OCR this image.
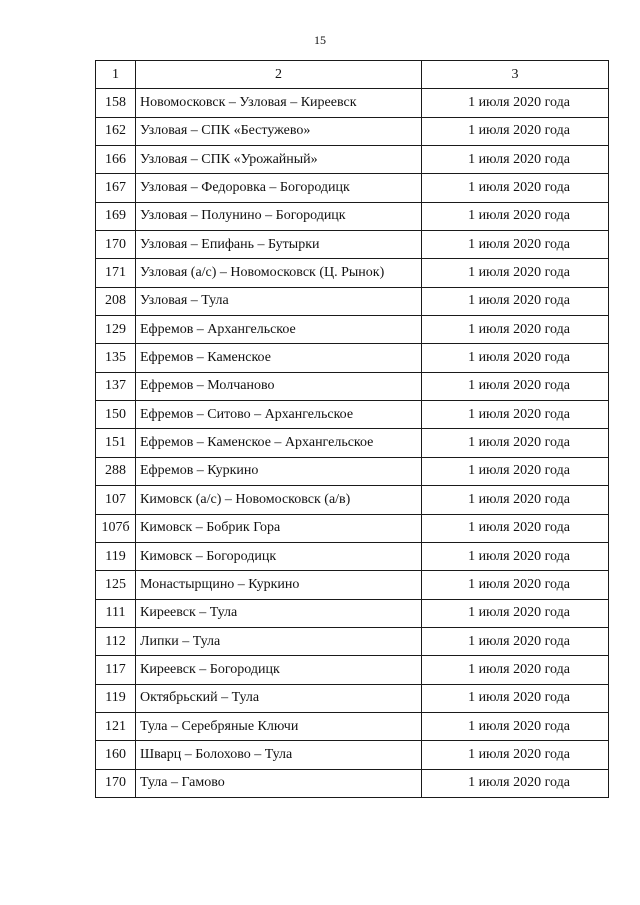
15
1	2	3
158	Новомосковск – Узловая – Киреевск	1 июля 2020 года
162	Узловая – СПК «Бестужево»	1 июля 2020 года
166	Узловая – СПК «Урожайный»	1 июля 2020 года
167	Узловая – Федоровка – Богородицк	1 июля 2020 года
169	Узловая – Полунино – Богородицк	1 июля 2020 года
170	Узловая – Епифань – Бутырки	1 июля 2020 года
171	Узловая (а/с) – Новомосковск (Ц. Рынок)	1 июля 2020 года
208	Узловая – Тула	1 июля 2020 года
129	Ефремов – Архангельское	1 июля 2020 года
135	Ефремов – Каменское	1 июля 2020 года
137	Ефремов – Молчаново	1 июля 2020 года
150	Ефремов – Ситово – Архангельское	1 июля 2020 года
151	Ефремов – Каменское – Архангельское	1 июля 2020 года
288	Ефремов – Куркино	1 июля 2020 года
107	Кимовск (а/с) – Новомосковск (а/в)	1 июля 2020 года
107б	Кимовск – Бобрик Гора	1 июля 2020 года
119	Кимовск – Богородицк	1 июля 2020 года
125	Монастырщино – Куркино	1 июля 2020 года
111	Киреевск – Тула	1 июля 2020 года
112	Липки – Тула	1 июля 2020 года
117	Киреевск – Богородицк	1 июля 2020 года
119	Октябрьский – Тула	1 июля 2020 года
121	Тула – Серебряные Ключи	1 июля 2020 года
160	Шварц – Болохово – Тула	1 июля 2020 года
170	Тула – Гамово	1 июля 2020 года
